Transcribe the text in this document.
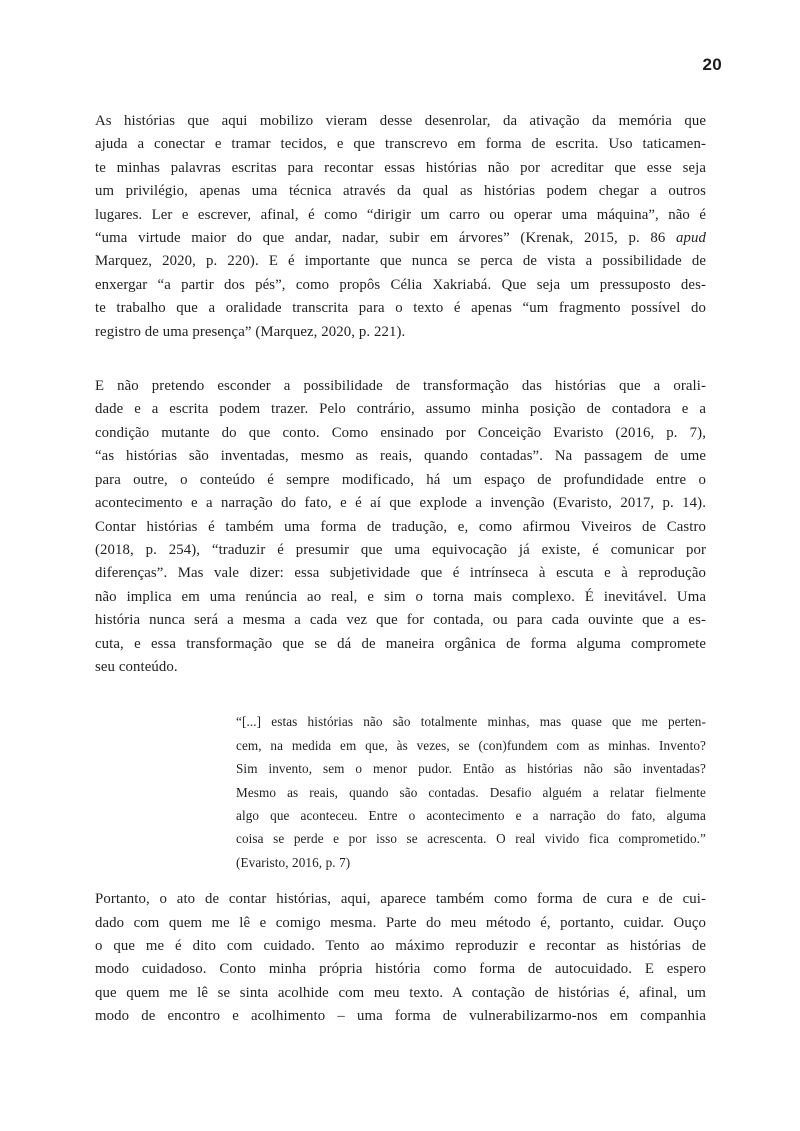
20
As histórias que aqui mobilizo vieram desse desenrolar, da ativação da memória que
ajuda a conectar e tramar tecidos, e que transcrevo em forma de escrita. Uso taticamen-
te minhas palavras escritas para recontar essas histórias não por acreditar que esse seja
um privilégio, apenas uma técnica através da qual as histórias podem chegar a outros
lugares. Ler e escrever, afinal, é como “dirigir um carro ou operar uma máquina”, não é
“uma virtude maior do que andar, nadar, subir em árvores” (Krenak, 2015, p. 86 apud
Marquez, 2020, p. 220). E é importante que nunca se perca de vista a possibilidade de
enxergar “a partir dos pés”, como propôs Célia Xakriabá. Que seja um pressuposto des-
te trabalho que a oralidade transcrita para o texto é apenas “um fragmento possível do
registro de uma presença” (Marquez, 2020, p. 221).
E não pretendo esconder a possibilidade de transformação das histórias que a orali-
dade e a escrita podem trazer. Pelo contrário, assumo minha posição de contadora e a
condição mutante do que conto. Como ensinado por Conceição Evaristo (2016, p. 7),
“as histórias são inventadas, mesmo as reais, quando contadas”. Na passagem de ume
para outre, o conteúdo é sempre modificado, há um espaço de profundidade entre o
acontecimento e a narração do fato, e é aí que explode a invenção (Evaristo, 2017, p. 14).
Contar histórias é também uma forma de tradução, e, como afirmou Viveiros de Castro
(2018, p. 254), “traduzir é presumir que uma equivocação já existe, é comunicar por
diferenças”. Mas vale dizer: essa subjetividade que é intrínseca à escuta e à reprodução
não implica em uma renúncia ao real, e sim o torna mais complexo. É inevitável. Uma
história nunca será a mesma a cada vez que for contada, ou para cada ouvinte que a es-
cuta, e essa transformação que se dá de maneira orgânica de forma alguma compromete
seu conteúdo.
“[...] estas histórias não são totalmente minhas, mas quase que me perten-
cem, na medida em que, às vezes, se (con)fundem com as minhas. Invento?
Sim invento, sem o menor pudor. Então as histórias não são inventadas?
Mesmo as reais, quando são contadas. Desafio alguém a relatar fielmente
algo que aconteceu. Entre o acontecimento e a narração do fato, alguma
coisa se perde e por isso se acrescenta. O real vivido fica comprometido.”
(Evaristo, 2016, p. 7)
Portanto, o ato de contar histórias, aqui, aparece também como forma de cura e de cui-
dado com quem me lê e comigo mesma. Parte do meu método é, portanto, cuidar. Ouço
o que me é dito com cuidado. Tento ao máximo reproduzir e recontar as histórias de
modo cuidadoso. Conto minha própria história como forma de autocuidado. E espero
que quem me lê se sinta acolhide com meu texto. A contação de histórias é, afinal, um
modo de encontro e acolhimento – uma forma de vulnerabilizarmo-nos em companhia
